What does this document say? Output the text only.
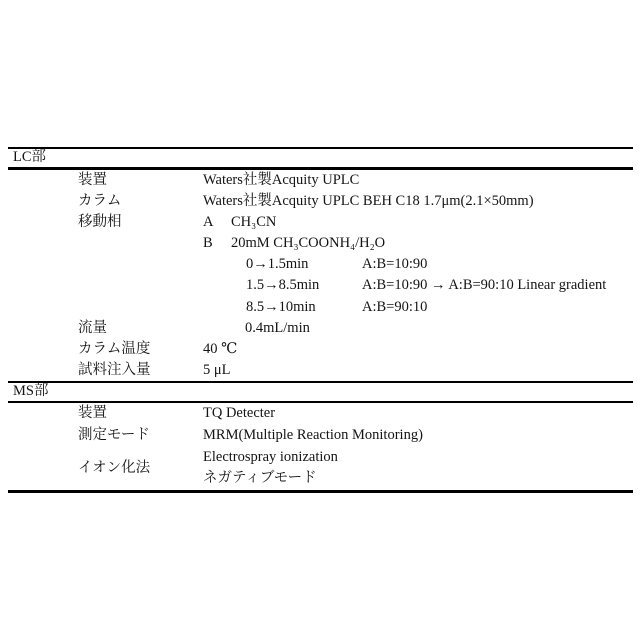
LC部
装置	Waters社製Acquity UPLC
カラム	Waters社製Acquity UPLC BEH C18 1.7μm(2.1×50mm)
移動相	A CH₃CN
B 20mM CH₃COONH₄/H₂O
0→1.5min	A:B=10:90
1.5→8.5min	A:B=10:90 → A:B=90:10 Linear gradient
8.5→10min	A:B=90:10
流量	0.4mL/min
カラム温度	40 ℃
試料注入量	5 μL
MS部
装置	TQ Detecter
測定モード	MRM(Multiple Reaction Monitoring)
イオン化法
Electrospray ionization
ネガティブモード
